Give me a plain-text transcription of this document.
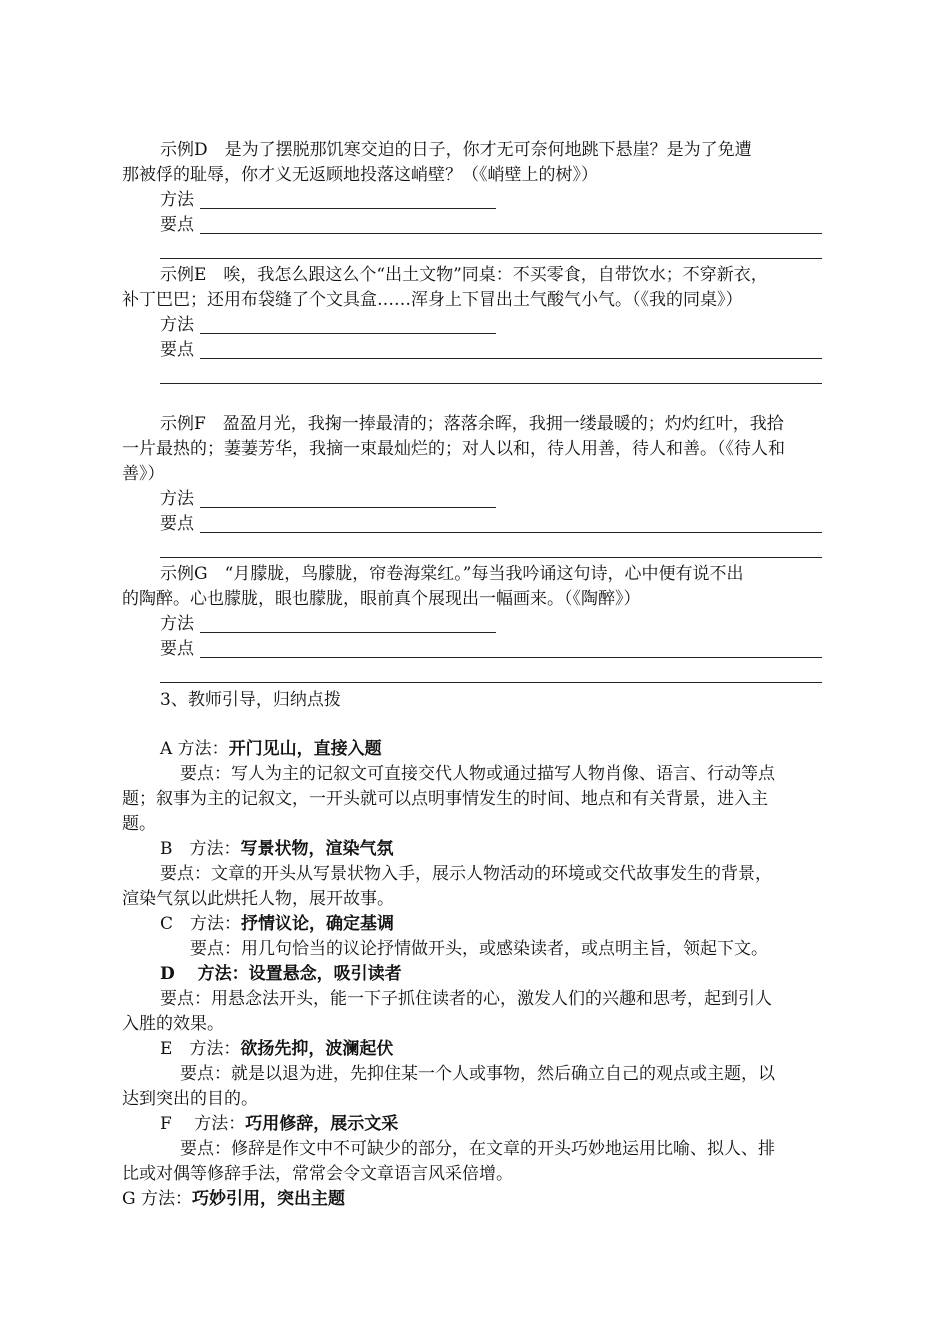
示例D　是为了摆脱那饥寒交迫的日子，你才无可奈何地跳下悬崖？是为了免遭
那被俘的耻辱，你才义无返顾地投落这峭壁？（《峭壁上的树》）
方法
要点
示例E　唉，我怎么跟这么个“出土文物”同桌：不买零食，自带饮水；不穿新衣，
补丁巴巴；还用布袋缝了个文具盒……浑身上下冒出土气酸气小气。（《我的同桌》）
方法
要点
示例F　盈盈月光，我掬一捧最清的；落落余晖，我拥一缕最暖的；灼灼红叶，我拾
一片最热的；萋萋芳华，我摘一束最灿烂的；对人以和，待人用善，待人和善。（《待人和
善》）
方法
要点
示例G　“月朦胧，鸟朦胧，帘卷海棠红。”每当我吟诵这句诗，心中便有说不出
的陶醉。心也朦胧，眼也朦胧，眼前真个展现出一幅画来。（《陶醉》）
方法
要点
3、教师引导，归纳点拨
A 方法：开门见山，直接入题
要点：写人为主的记叙文可直接交代人物或通过描写人物肖像、语言、行动等点
题；叙事为主的记叙文，一开头就可以点明事情发生的时间、地点和有关背景，进入主
题。
B　方法：写景状物，渲染气氛
要点：文章的开头从写景状物入手，展示人物活动的环境或交代故事发生的背景，
渲染气氛以此烘托人物，展开故事。
C　方法：抒情议论，确定基调
要点：用几句恰当的议论抒情做开头，或感染读者，或点明主旨，领起下文。
D　 方法：设置悬念，吸引读者
要点：用悬念法开头，能一下子抓住读者的心，激发人们的兴趣和思考，起到引人
入胜的效果。
E　方法：欲扬先抑，波澜起伏
要点：就是以退为进，先抑住某一个人或事物，然后确立自己的观点或主题，以
达到突出的目的。
F　 方法：巧用修辞，展示文采
要点：修辞是作文中不可缺少的部分，在文章的开头巧妙地运用比喻、拟人、排
比或对偶等修辞手法，常常会令文章语言风采倍增。
G 方法：巧妙引用，突出主题
